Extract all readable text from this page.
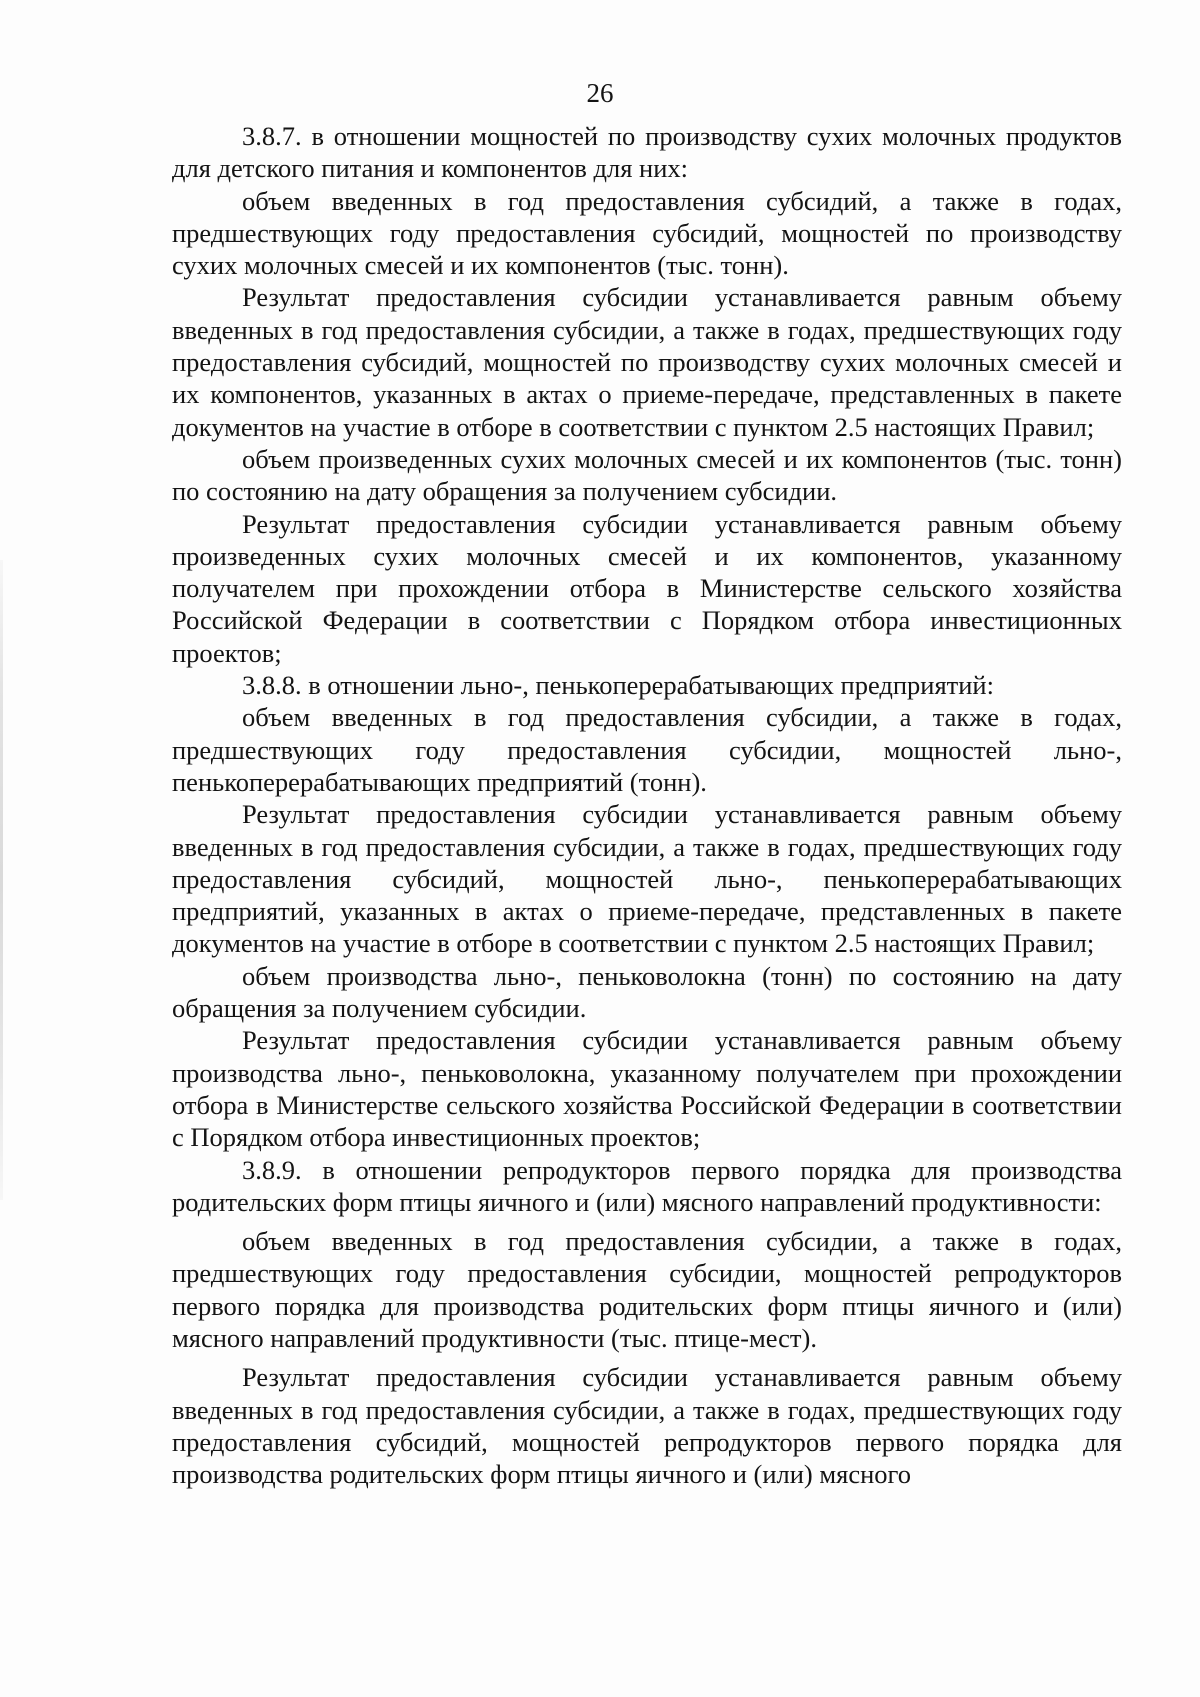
26

3.8.7. в отношении мощностей по производству сухих молочных продуктов для детского питания и компонентов для них:

объем введенных в год предоставления субсидий, а также в годах, предшествующих году предоставления субсидий, мощностей по производству сухих молочных смесей и их компонентов (тыс. тонн).

Результат предоставления субсидии устанавливается равным объему введенных в год предоставления субсидии, а также в годах, предшествующих году предоставления субсидий, мощностей по производству сухих молочных смесей и их компонентов, указанных в актах о приеме-передаче, представленных в пакете документов на участие в отборе в соответствии с пунктом 2.5 настоящих Правил;

объем произведенных сухих молочных смесей и их компонентов (тыс. тонн) по состоянию на дату обращения за получением субсидии.

Результат предоставления субсидии устанавливается равным объему произведенных сухих молочных смесей и их компонентов, указанному получателем при прохождении отбора в Министерстве сельского хозяйства Российской Федерации в соответствии с Порядком отбора инвестиционных проектов;

3.8.8. в отношении льно-, пенькоперерабатывающих предприятий:

объем введенных в год предоставления субсидии, а также в годах, предшествующих году предоставления субсидии, мощностей льно-, пенькоперерабатывающих предприятий (тонн).

Результат предоставления субсидии устанавливается равным объему введенных в год предоставления субсидии, а также в годах, предшествующих году предоставления субсидий, мощностей льно-, пенькоперерабатывающих предприятий, указанных в актах о приеме-передаче, представленных в пакете документов на участие в отборе в соответствии с пунктом 2.5 настоящих Правил;

объем производства льно-, пеньковолокна (тонн) по состоянию на дату обращения за получением субсидии.

Результат предоставления субсидии устанавливается равным объему производства льно-, пеньковолокна, указанному получателем при прохождении отбора в Министерстве сельского хозяйства Российской Федерации в соответствии с Порядком отбора инвестиционных проектов;

3.8.9. в отношении репродукторов первого порядка для производства родительских форм птицы яичного и (или) мясного направлений продуктивности:

объем введенных в год предоставления субсидии, а также в годах, предшествующих году предоставления субсидии, мощностей репродукторов первого порядка для производства родительских форм птицы яичного и (или) мясного направлений продуктивности (тыс. птице-мест).

Результат предоставления субсидии устанавливается равным объему введенных в год предоставления субсидии, а также в годах, предшествующих году предоставления субсидий, мощностей репродукторов первого порядка для производства родительских форм птицы яичного и (или) мясного
